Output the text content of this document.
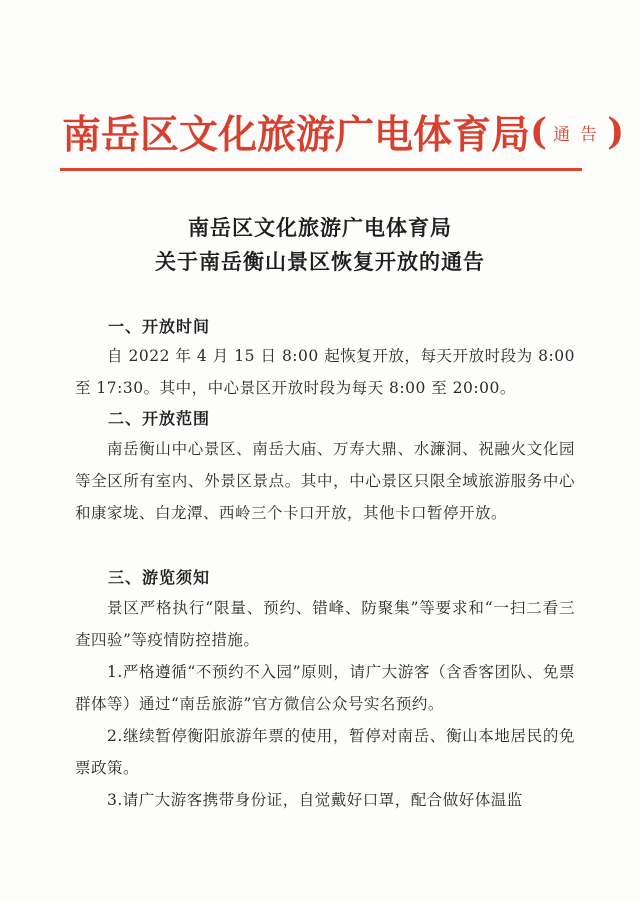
南岳区文化旅游广电体育局( 通告)
南岳区文化旅游广电体育局
关于南岳衡山景区恢复开放的通告
一、开放时间

自 2022 年 4 月 15 日 8:00 起恢复开放，每天开放时段为 8:00 至 17:30。其中，中心景区开放时段为每天 8:00 至 20:00。

二、开放范围

南岳衡山中心景区、南岳大庙、万寿大鼎、水濂洞、祝融火文化园等全区所有室内、外景区景点。其中，中心景区只限全域旅游服务中心和康家垅、白龙潭、西岭三个卡口开放，其他卡口暂停开放。

三、游览须知

景区严格执行“限量、预约、错峰、防聚集”等要求和“一扫二看三查四验”等疫情防控措施。

1.严格遵循“不预约不入园”原则，请广大游客（含香客团队、免票群体等）通过“南岳旅游”官方微信公众号实名预约。

2.继续暂停衡阳旅游年票的使用，暂停对南岳、衡山本地居民的免票政策。

3.请广大游客携带身份证，自觉戴好口罩，配合做好体温监
